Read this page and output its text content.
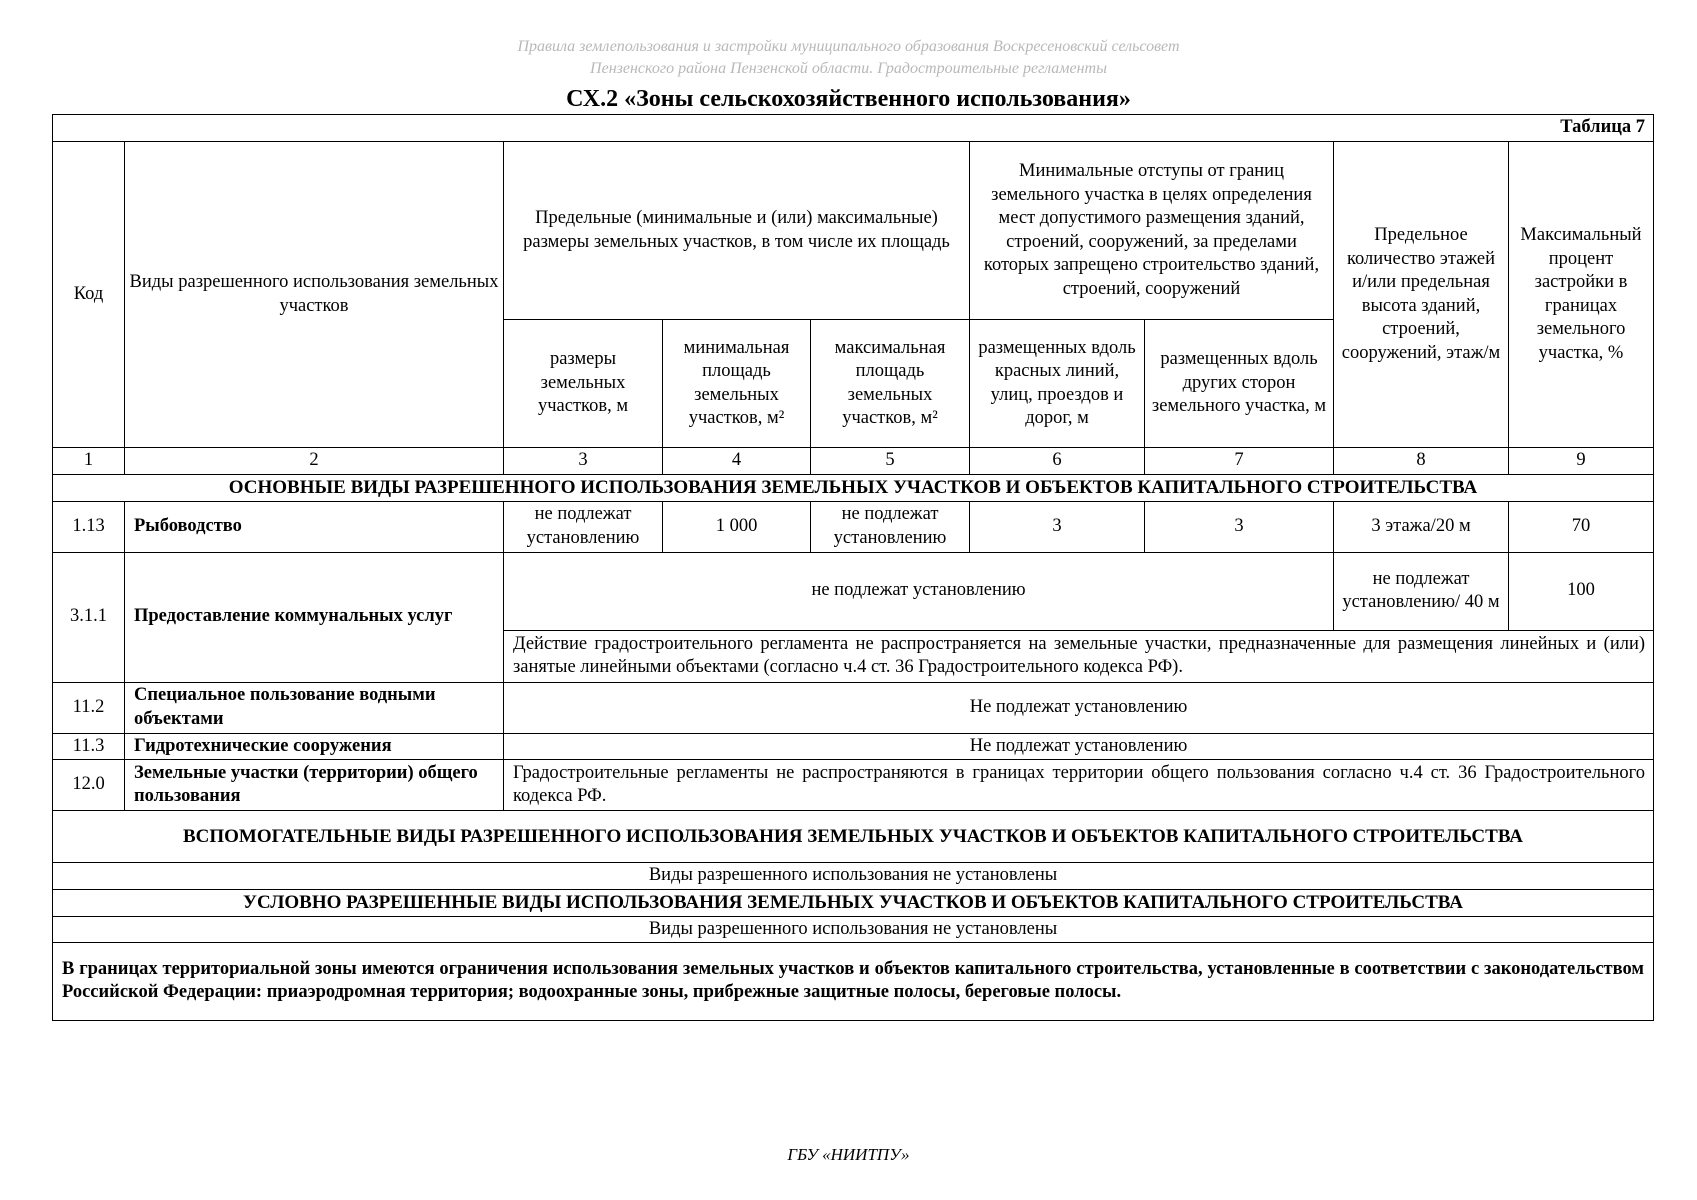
Правила землепользования и застройки муниципального образования Воскресеновский сельсовет
Пензенского района Пензенской области. Градостроительные регламенты
СХ.2 «Зоны сельскохозяйственного использования»
Таблица 7								
Код	Виды разрешенного использования земельных участков	Предельные (минимальные и (или) максимальные) размеры земельных участков, в том числе их площадь			Минимальные отступы от границ земельного участка в целях определения мест допустимого размещения зданий, строений, сооружений, за пределами которых запрещено строительство зданий, строений, сооружений		Предельное количество этажей и/или предельная высота зданий, строений, сооружений, этаж/м	Максимальный процент застройки в границах земельного участка, %
		размеры земельных участков, м	минимальная площадь земельных участков, м²	максимальная площадь земельных участков, м²	размещенных вдоль красных линий, улиц, проездов и дорог, м	размещенных вдоль других сторон земельного участка, м		
1	2	3	4	5	6	7	8	9
ОСНОВНЫЕ ВИДЫ РАЗРЕШЕННОГО ИСПОЛЬЗОВАНИЯ ЗЕМЕЛЬНЫХ УЧАСТКОВ И ОБЪЕКТОВ КАПИТАЛЬНОГО СТРОИТЕЛЬСТВА								
1.13	Рыбоводство	не подлежат установлению	1 000	не подлежат установлению	3	3	3 этажа/20 м	70
3.1.1	Предоставление коммунальных услуг	не подлежат установлению					не подлежат установлению/ 40 м	100
		Действие градостроительного регламента не распространяется на земельные участки, предназначенные для размещения линейных и (или) занятые линейными объектами (согласно ч.4 ст. 36 Градостроительного кодекса РФ).						
11.2	Специальное пользование водными объектами	Не подлежат установлению						
11.3	Гидротехнические сооружения	Не подлежат установлению						
12.0	Земельные участки (территории) общего пользования	Градостроительные регламенты не распространяются в границах территории общего пользования согласно ч.4 ст. 36 Градостроительного кодекса РФ.						
ВСПОМОГАТЕЛЬНЫЕ ВИДЫ РАЗРЕШЕННОГО ИСПОЛЬЗОВАНИЯ ЗЕМЕЛЬНЫХ УЧАСТКОВ И ОБЪЕКТОВ КАПИТАЛЬНОГО СТРОИТЕЛЬСТВА								
Виды разрешенного использования не установлены								
УСЛОВНО РАЗРЕШЕННЫЕ ВИДЫ ИСПОЛЬЗОВАНИЯ ЗЕМЕЛЬНЫХ УЧАСТКОВ И ОБЪЕКТОВ КАПИТАЛЬНОГО СТРОИТЕЛЬСТВА								
Виды разрешенного использования не установлены								
В границах территориальной зоны имеются ограничения использования земельных участков и объектов капитального строительства, установленные в соответствии с законодательством Российской Федерации: приаэродромная территория; водоохранные зоны, прибрежные защитные полосы, береговые полосы.								
ГБУ «НИИТПУ»
